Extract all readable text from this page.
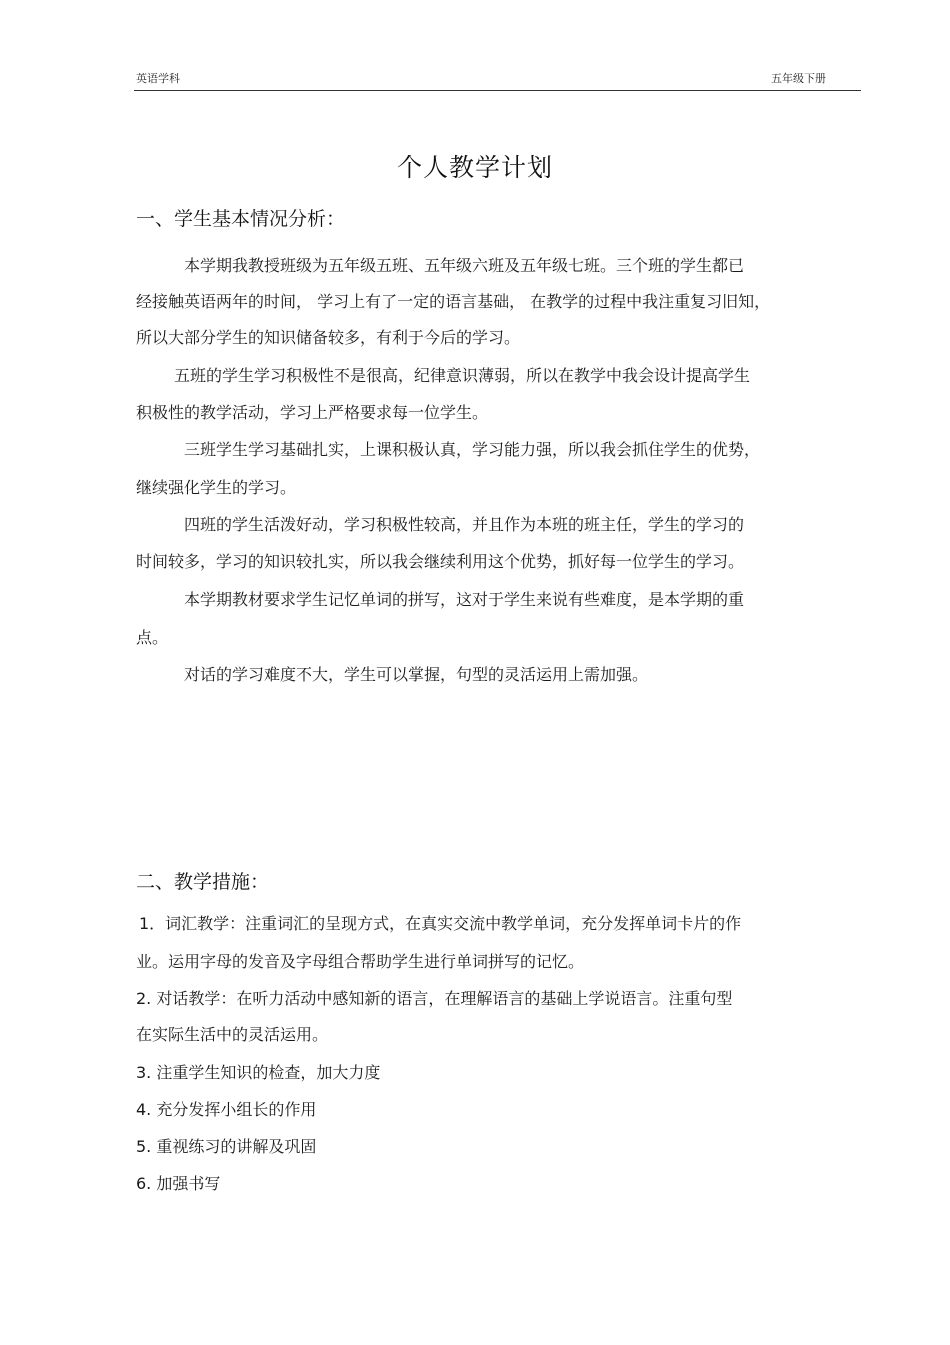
英语学科	五年级下册
个人教学计划
一、学生基本情况分析：
本学期我教授班级为五年级五班、五年级六班及五年级七班。三个班的学生都已
经接触英语两年的时间， 学习上有了一定的语言基础， 在教学的过程中我注重复习旧知，
所以大部分学生的知识储备较多，有利于今后的学习。
五班的学生学习积极性不是很高，纪律意识薄弱，所以在教学中我会设计提高学生
积极性的教学活动，学习上严格要求每一位学生。
三班学生学习基础扎实，上课积极认真，学习能力强，所以我会抓住学生的优势，
继续强化学生的学习。
四班的学生活泼好动，学习积极性较高，并且作为本班的班主任，学生的学习的
时间较多，学习的知识较扎实，所以我会继续利用这个优势，抓好每一位学生的学习。
本学期教材要求学生记忆单词的拼写，这对于学生来说有些难度，是本学期的重
点。
对话的学习难度不大，学生可以掌握，句型的灵活运用上需加强。
二、教学措施：
1．词汇教学：注重词汇的呈现方式，在真实交流中教学单词，充分发挥单词卡片的作
业。运用字母的发音及字母组合帮助学生进行单词拼写的记忆。
2. 对话教学：在听力活动中感知新的语言，在理解语言的基础上学说语言。注重句型
在实际生活中的灵活运用。
3. 注重学生知识的检查，加大力度
4. 充分发挥小组长的作用
5. 重视练习的讲解及巩固
6. 加强书写
